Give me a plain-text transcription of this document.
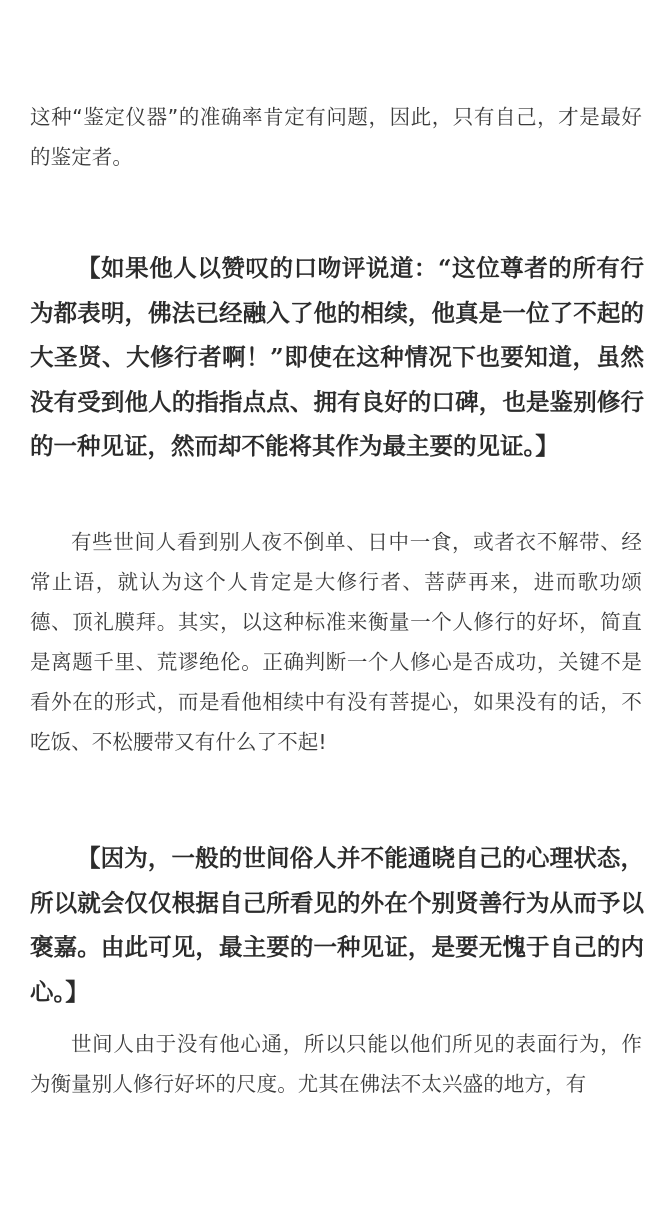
这种“鉴定仪器”的准确率肯定有问题，因此，只有自己，才是最好的鉴定者。

【如果他人以赞叹的口吻评说道：“这位尊者的所有行为都表明，佛法已经融入了他的相续，他真是一位了不起的大圣贤、大修行者啊！”即使在这种情况下也要知道，虽然没有受到他人的指指点点、拥有良好的口碑，也是鉴别修行的一种见证，然而却不能将其作为最主要的见证。】

有些世间人看到别人夜不倒单、日中一食，或者衣不解带、经常止语，就认为这个人肯定是大修行者、菩萨再来，进而歌功颂德、顶礼膜拜。其实，以这种标准来衡量一个人修行的好坏，简直是离题千里、荒谬绝伦。正确判断一个人修心是否成功，关键不是看外在的形式，而是看他相续中有没有菩提心，如果没有的话，不吃饭、不松腰带又有什么了不起!

【因为，一般的世间俗人并不能通晓自己的心理状态，所以就会仅仅根据自己所看见的外在个别贤善行为从而予以褒嘉。由此可见，最主要的一种见证，是要无愧于自己的内心。】

世间人由于没有他心通，所以只能以他们所见的表面行为，作为衡量别人修行好坏的尺度。尤其在佛法不太兴盛的地方，有
